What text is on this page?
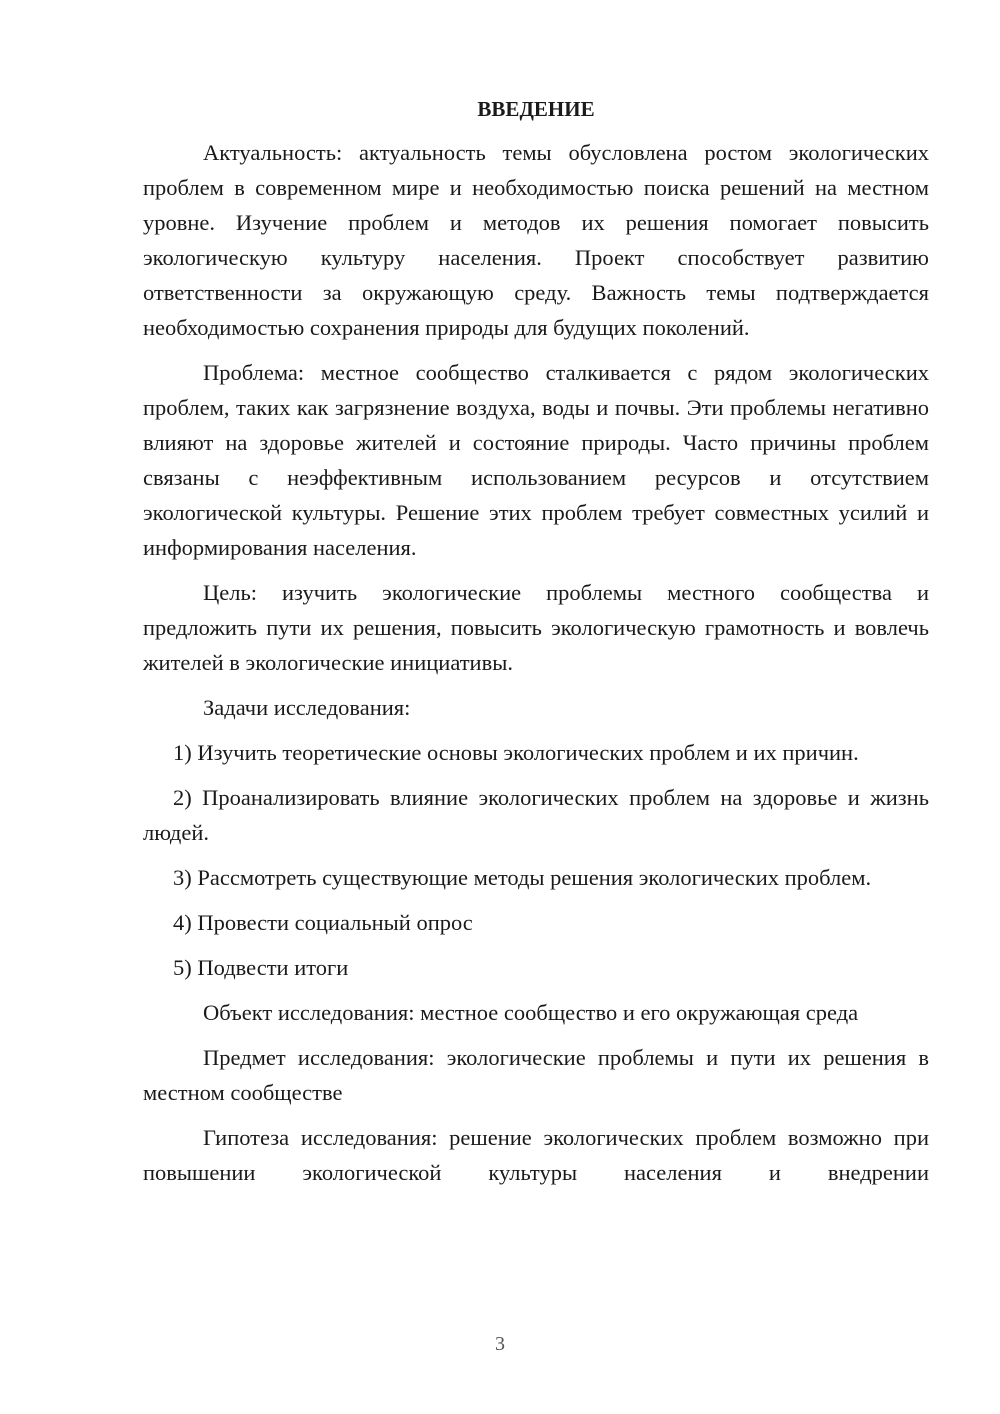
ВВЕДЕНИЕ

Актуальность: актуальность темы обусловлена ростом экологических проблем в современном мире и необходимостью поиска решений на местном уровне. Изучение проблем и методов их решения помогает повысить экологическую культуру населения. Проект способствует развитию ответственности за окружающую среду. Важность темы подтверждается необходимостью сохранения природы для будущих поколений.

Проблема: местное сообщество сталкивается с рядом экологических проблем, таких как загрязнение воздуха, воды и почвы. Эти проблемы негативно влияют на здоровье жителей и состояние природы. Часто причины проблем связаны с неэффективным использованием ресурсов и отсутствием экологической культуры. Решение этих проблем требует совместных усилий и информирования населения.

Цель: изучить экологические проблемы местного сообщества и предложить пути их решения, повысить экологическую грамотность и вовлечь жителей в экологические инициативы.

Задачи исследования:

1) Изучить теоретические основы экологических проблем и их причин.

2) Проанализировать влияние экологических проблем на здоровье и жизнь людей.

3) Рассмотреть существующие методы решения экологических проблем.

4) Провести социальный опрос

5) Подвести итоги

Объект исследования: местное сообщество и его окружающая среда

Предмет исследования: экологические проблемы и пути их решения в местном сообществе

Гипотеза исследования: решение экологических проблем возможно при повышении экологической культуры населения и внедрении

3
